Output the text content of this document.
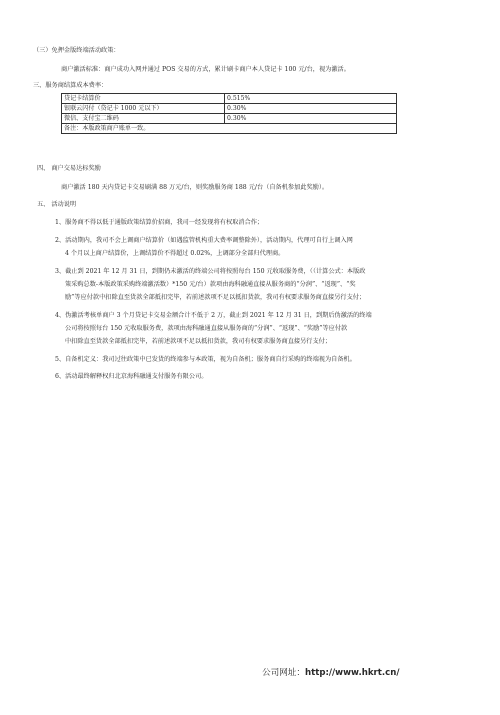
（三）免押金版终端活动政策：
商户激活标准：商户成功入网并通过 POS 交易的方式，累计刷卡商户本人贷记卡 100 元/台，视为激活。
三、服务商结算成本费率：
贷记卡结算价	0.515%
银联云闪付（贷记卡 1000 元以下）	0.30%
微信、支付宝二维码	0.30%
备注：本版政策商户账单一致。	
四、 商户交易达标奖励
商户激活 180 天内贷记卡交易刷满 88 万元/台，则奖励服务商 188 元/台（自备机参加此奖励）。
五、 活动说明
1、服务商不得以低于通版政策结算价招商，我司一经发现将有权取消合作；
2、活动期内，我司不会上调商户结算价（如遇监管机构重大费率调整除外），活动期内，代理可自行上调入网
4 个月以上商户结算价，上调结算价不得超过 0.02%，上调部分全部归代理商。
3、截止到 2021 年 12 月 31 日，到期仍未激活的终端公司将按照每台 150 元收取服务费，（（计算公式：本版政
策采购总数-本版政策采购终端激活数）*150 元/台）款项由海科融通直接从服务商的“分润”、“返现”、“奖
励”等应付款中扣除直至货款全部抵扣完毕，若前述款项不足以抵扣货款，我司有权要求服务商直接另行支付；
4、伪激活考核单商户 3 个月贷记卡交易金额合计不低于 2 万，截止到 2021 年 12 月 31 日，到期后伪激活的终端
公司将按照每台 150 元收取服务费，款项由海科融通直接从服务商的“分润”、“返现”、“奖励”等应付款
中扣除直至货款全部抵扣完毕，若前述款项不足以抵扣货款，我司有权要求服务商直接另行支付；
5、自备机定义：我司过往政策中已发货的终端参与本政策，视为自备机；服务商自行采购的终端视为自备机。
6、活动最终解释权归北京海科融通支付服务有限公司。
公司网址：http://www.hkrt.cn/
